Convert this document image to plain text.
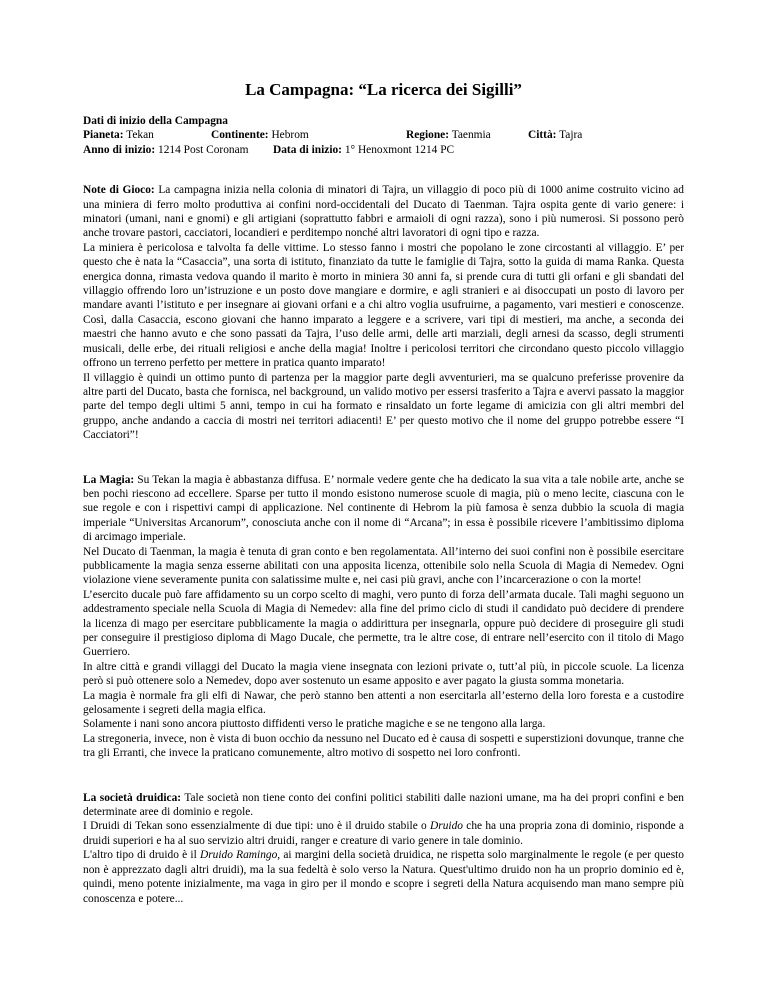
La Campagna: “La ricerca dei Sigilli”
Dati di inizio della Campagna
Pianeta: Tekan	Continente: Hebrom	Regione: Taenmia	Città: Tajra
Anno di inizio: 1214 Post Coronam	Data di inizio: 1° Henoxmont 1214 PC

Note di Gioco: La campagna inizia nella colonia di minatori di Tajra, un villaggio di poco più di 1000 anime costruito vicino ad una miniera di ferro molto produttiva ai confini nord-occidentali del Ducato di Taenman. Tajra ospita gente di vario genere: i minatori (umani, nani e gnomi) e gli artigiani (soprattutto fabbri e armaioli di ogni razza), sono i più numerosi. Si possono però anche trovare pastori, cacciatori, locandieri e perditempo nonché altri lavoratori di ogni tipo e razza.

La miniera è pericolosa e talvolta fa delle vittime. Lo stesso fanno i mostri che popolano le zone circostanti al villaggio. E’ per questo che è nata la “Casaccia”, una sorta di istituto, finanziato da tutte le famiglie di Tajra, sotto la guida di mama Ranka. Questa energica donna, rimasta vedova quando il marito è morto in miniera 30 anni fa, si prende cura di tutti gli orfani e gli sbandati del villaggio offrendo loro un’istruzione e un posto dove mangiare e dormire, e agli stranieri e ai disoccupati un posto di lavoro per mandare avanti l’istituto e per insegnare ai giovani orfani e a chi altro voglia usufruirne, a pagamento, vari mestieri e conoscenze. Così, dalla Casaccia, escono giovani che hanno imparato a leggere e a scrivere, vari tipi di mestieri, ma anche, a seconda dei maestri che hanno avuto e che sono passati da Tajra, l’uso delle armi, delle arti marziali, degli arnesi da scasso, degli strumenti musicali, delle erbe, dei rituali religiosi e anche della magia! Inoltre i pericolosi territori che circondano questo piccolo villaggio offrono un terreno perfetto per mettere in pratica quanto imparato!

Il villaggio è quindi un ottimo punto di partenza per la maggior parte degli avventurieri, ma se qualcuno preferisse provenire da altre parti del Ducato, basta che fornisca, nel background, un valido motivo per essersi trasferito a Tajra e avervi passato la maggior parte del tempo degli ultimi 5 anni, tempo in cui ha formato e rinsaldato un forte legame di amicizia con gli altri membri del gruppo, anche andando a caccia di mostri nei territori adiacenti! E’ per questo motivo che il nome del gruppo potrebbe essere “I Cacciatori”!

La Magia: Su Tekan la magia è abbastanza diffusa. E’ normale vedere gente che ha dedicato la sua vita a tale nobile arte, anche se ben pochi riescono ad eccellere. Sparse per tutto il mondo esistono numerose scuole di magia, più o meno lecite, ciascuna con le sue regole e con i rispettivi campi di applicazione. Nel continente di Hebrom la più famosa è senza dubbio la scuola di magia imperiale “Universitas Arcanorum”, conosciuta anche con il nome di “Arcana”; in essa è possibile ricevere l’ambitissimo diploma di arcimago imperiale.

Nel Ducato di Taenman, la magia è tenuta di gran conto e ben regolamentata. All’interno dei suoi confini non è possibile esercitare pubblicamente la magia senza esserne abilitati con una apposita licenza, ottenibile solo nella Scuola di Magia di Nemedev. Ogni violazione viene severamente punita con salatissime multe e, nei casi più gravi, anche con l’incarcerazione o con la morte!

L’esercito ducale può fare affidamento su un corpo scelto di maghi, vero punto di forza dell’armata ducale. Tali maghi seguono un addestramento speciale nella Scuola di Magia di Nemedev: alla fine del primo ciclo di studi il candidato può decidere di prendere la licenza di mago per esercitare pubblicamente la magia o addirittura per insegnarla, oppure può decidere di proseguire gli studi per conseguire il prestigioso diploma di Mago Ducale, che permette, tra le altre cose, di entrare nell’esercito con il titolo di Mago Guerriero.

In altre città e grandi villaggi del Ducato la magia viene insegnata con lezioni private o, tutt’al più, in piccole scuole. La licenza però si può ottenere solo a Nemedev, dopo aver sostenuto un esame apposito e aver pagato la giusta somma monetaria.

La magia è normale fra gli elfi di Nawar, che però stanno ben attenti a non esercitarla all’esterno della loro foresta e a custodire gelosamente i segreti della magia elfica.

Solamente i nani sono ancora piuttosto diffidenti verso le pratiche magiche e se ne tengono alla larga.

La stregoneria, invece, non è vista di buon occhio da nessuno nel Ducato ed è causa di sospetti e superstizioni dovunque, tranne che tra gli Erranti, che invece la praticano comunemente, altro motivo di sospetto nei loro confronti.

La società druidica: Tale società non tiene conto dei confini politici stabiliti dalle nazioni umane, ma ha dei propri confini e ben determinate aree di dominio e regole.

I Druidi di Tekan sono essenzialmente di due tipi: uno è il druido stabile o Druido che ha una propria zona di dominio, risponde a druidi superiori e ha al suo servizio altri druidi, ranger e creature di vario genere in tale dominio.

L'altro tipo di druido è il Druido Ramingo, ai margini della società druidica, ne rispetta solo marginalmente le regole (e per questo non è apprezzato dagli altri druidi), ma la sua fedeltà è solo verso la Natura. Quest'ultimo druido non ha un proprio dominio ed è, quindi, meno potente inizialmente, ma vaga in giro per il mondo e scopre i segreti della Natura acquisendo man mano sempre più conoscenza e potere...
